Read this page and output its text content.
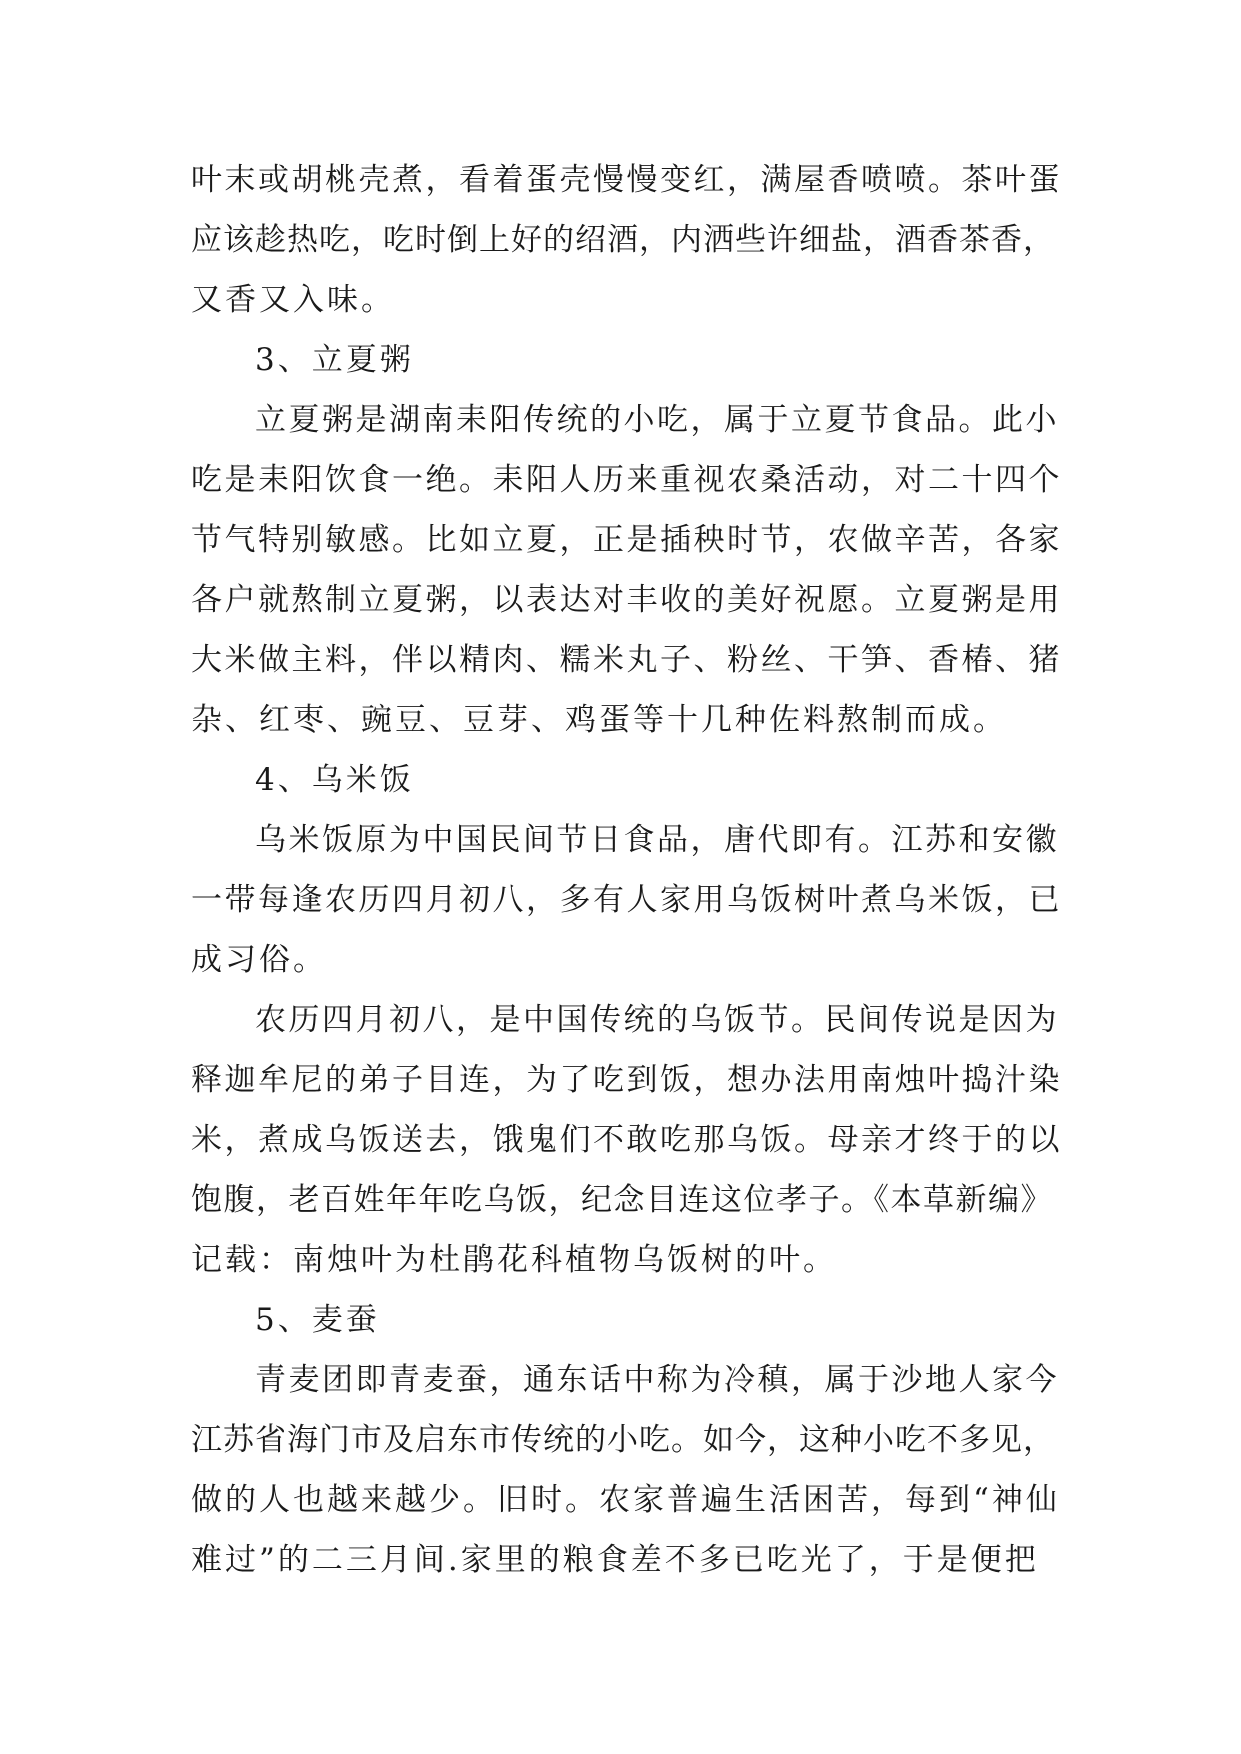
叶末或胡桃壳煮，看着蛋壳慢慢变红，满屋香喷喷。茶叶蛋
应该趁热吃，吃时倒上好的绍酒，内洒些许细盐，酒香茶香，
又香又入味。
3、立夏粥
立夏粥是湖南耒阳传统的小吃，属于立夏节食品。此小
吃是耒阳饮食一绝。耒阳人历来重视农桑活动，对二十四个
节气特别敏感。比如立夏，正是插秧时节，农做辛苦，各家
各户就熬制立夏粥，以表达对丰收的美好祝愿。立夏粥是用
大米做主料，伴以精肉、糯米丸子、粉丝、干笋、香椿、猪
杂、红枣、豌豆、豆芽、鸡蛋等十几种佐料熬制而成。
4、乌米饭
乌米饭原为中国民间节日食品，唐代即有。江苏和安徽
一带每逢农历四月初八，多有人家用乌饭树叶煮乌米饭，已
成习俗。
农历四月初八，是中国传统的乌饭节。民间传说是因为
释迦牟尼的弟子目连，为了吃到饭，想办法用南烛叶捣汁染
米，煮成乌饭送去，饿鬼们不敢吃那乌饭。母亲才终于的以
饱腹，老百姓年年吃乌饭，纪念目连这位孝子。《本草新编》
记载：南烛叶为杜鹃花科植物乌饭树的叶。
5、麦蚕
青麦团即青麦蚕，通东话中称为冷稹，属于沙地人家今
江苏省海门市及启东市传统的小吃。如今，这种小吃不多见，
做的人也越来越少。旧时。农家普遍生活困苦，每到“神仙
难过”的二三月间.家里的粮食差不多已吃光了，于是便把
